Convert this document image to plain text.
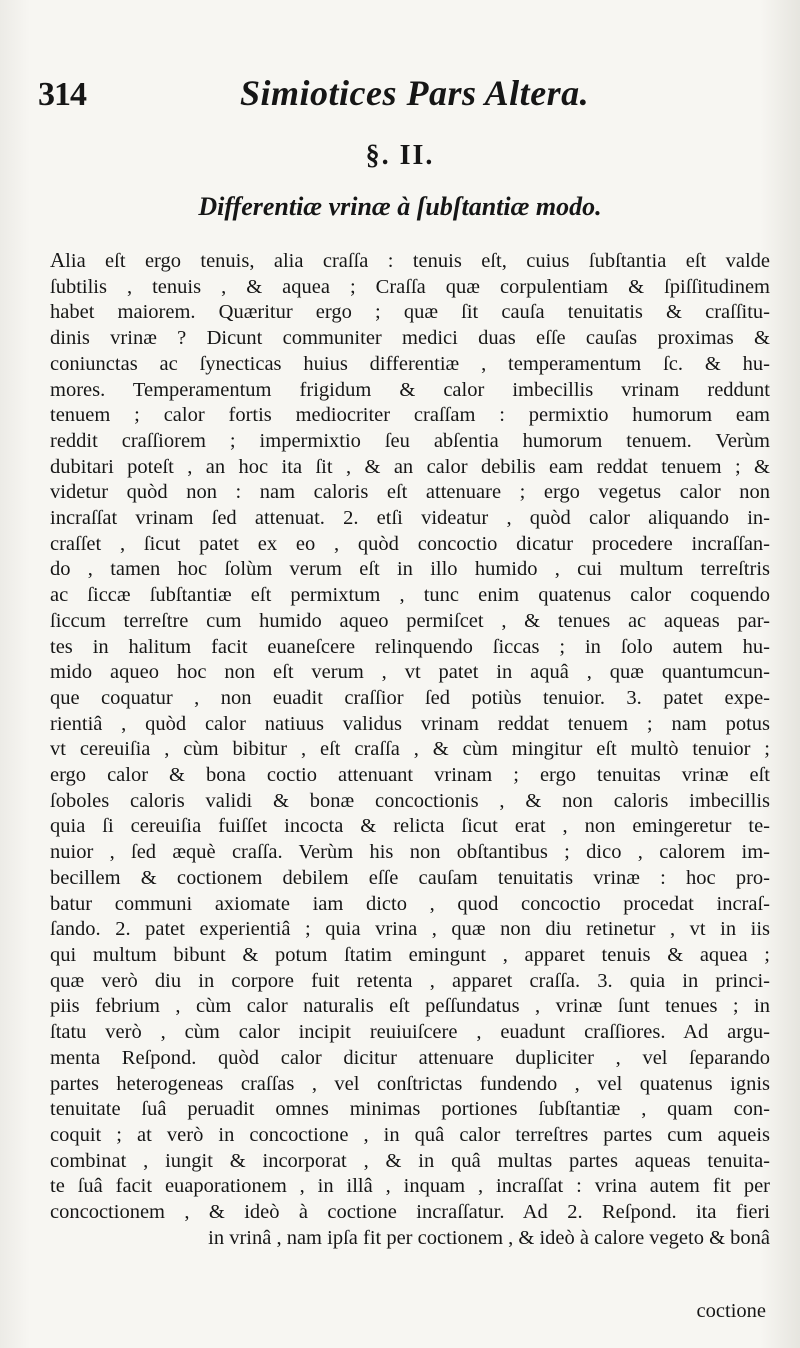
314	Simiotices Pars Altera.
§. II.
Differentiæ vrinæ à ſubſtantiæ modo.
Alia eſt ergo tenuis, alia craſſa : tenuis eſt, cuius ſubſtantia eſt valde
ſubtilis , tenuis , & aquea ; Craſſa quæ corpulentiam & ſpiſſitudinem
habet maiorem. Quæritur ergo ; quæ ſit cauſa tenuitatis & craſſitu-
dinis vrinæ ? Dicunt communiter medici duas eſſe cauſas proximas &
coniunctas ac ſynecticas huius differentiæ , temperamentum ſc. & hu-
mores. Temperamentum frigidum & calor imbecillis vrinam reddunt
tenuem ; calor fortis mediocriter craſſam : permixtio humorum eam
reddit craſſiorem ; impermixtio ſeu abſentia humorum tenuem. Verùm
dubitari poteſt , an hoc ita ſit , & an calor debilis eam reddat tenuem ; &
videtur quòd non : nam caloris eſt attenuare ; ergo vegetus calor non
incraſſat vrinam ſed attenuat. 2. etſi videatur , quòd calor aliquando in-
craſſet , ſicut patet ex eo , quòd concoctio dicatur procedere incraſſan-
do , tamen hoc ſolùm verum eſt in illo humido , cui multum terreſtris
ac ſiccæ ſubſtantiæ eſt permixtum , tunc enim quatenus calor coquendo
ſiccum terreſtre cum humido aqueo permiſcet , & tenues ac aqueas par-
tes in halitum facit euaneſcere relinquendo ſiccas ; in ſolo autem hu-
mido aqueo hoc non eſt verum , vt patet in aquâ , quæ quantumcun-
que coquatur , non euadit craſſior ſed potiùs tenuior. 3. patet expe-
rientiâ , quòd calor natiuus validus vrinam reddat tenuem ; nam potus
vt cereuiſia , cùm bibitur , eſt craſſa , & cùm mingitur eſt multò tenuior ;
ergo calor & bona coctio attenuant vrinam ; ergo tenuitas vrinæ eſt
ſoboles caloris validi & bonæ concoctionis , & non caloris imbecillis
quia ſi cereuiſia fuiſſet incocta & relicta ſicut erat , non emingeretur te-
nuior , ſed æquè craſſa. Verùm his non obſtantibus ; dico , calorem im-
becillem & coctionem debilem eſſe cauſam tenuitatis vrinæ : hoc pro-
batur communi axiomate iam dicto , quod concoctio procedat incraſ-
ſando. 2. patet experientiâ ; quia vrina , quæ non diu retinetur , vt in iis
qui multum bibunt & potum ſtatim emingunt , apparet tenuis & aquea ;
quæ verò diu in corpore fuit retenta , apparet craſſa. 3. quia in princi-
piis febrium , cùm calor naturalis eſt peſſundatus , vrinæ ſunt tenues ; in
ſtatu verò , cùm calor incipit reuiuiſcere , euadunt craſſiores. Ad argu-
menta Reſpond. quòd calor dicitur attenuare dupliciter , vel ſeparando
partes heterogeneas craſſas , vel conſtrictas fundendo , vel quatenus ignis
tenuitate ſuâ peruadit omnes minimas portiones ſubſtantiæ , quam con-
coquit ; at verò in concoctione , in quâ calor terreſtres partes cum aqueis
combinat , iungit & incorporat , & in quâ multas partes aqueas tenuita-
te ſuâ facit euaporationem , in illâ , inquam , incraſſat : vrina autem fit per
concoctionem , & ideò à coctione incraſſatur. Ad 2. Reſpond. ita fieri
in vrinâ , nam ipſa fit per coctionem , & ideò à calore vegeto & bonâ
coctione
